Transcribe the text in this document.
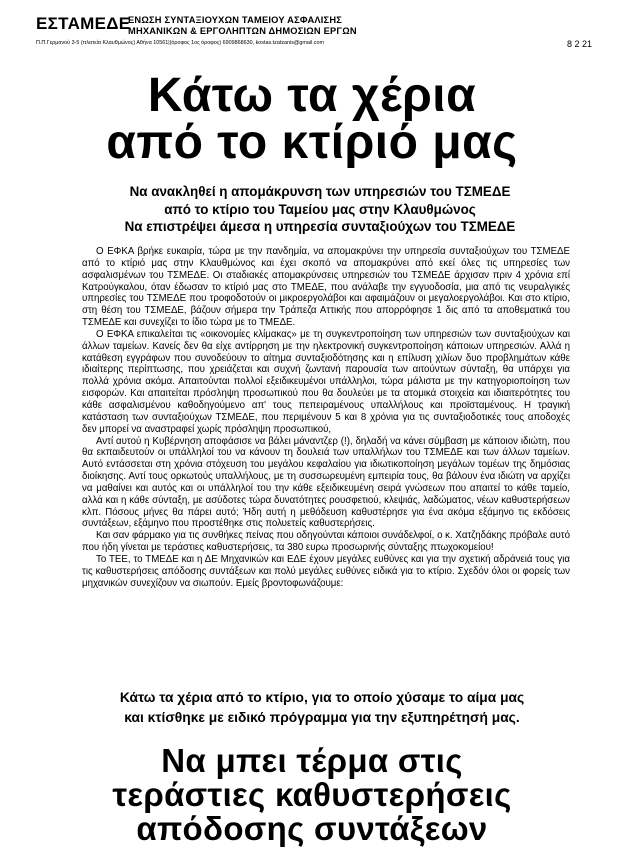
ΕΣΤΑΜΕΔΕ
ΕΝΩΣΗ ΣΥΝΤΑΞΙΟΥΧΩΝ ΤΑΜΕΙΟΥ ΑΣΦΑΛΙΣΗΣ
ΜΗΧΑΝΙΚΩΝ & ΕΡΓΟΛΗΠΤΩΝ ΔΗΜΟΣΙΩΝ ΕΡΓΩΝ
Π.Π.Γερμανού 3-5 (πλατεία Κλαυθμώνος) Αθήνα 10561|(όροφος 1ος όροφος) 6909868630, kostas.tzatzanis@gmail.com	8 2 21
Κάτω τα χέρια
από το κτίριό μας
Να ανακληθεί η απομάκρυνση των υπηρεσιών του ΤΣΜΕΔΕ
από το κτίριο του Ταμείου μας στην Κλαυθμώνος
Να επιστρέψει άμεσα η υπηρεσία συνταξιούχων του ΤΣΜΕΔΕ

Ο ΕΦΚΑ βρήκε ευκαιρία, τώρα με την πανδημία, να απομακρύνει την υπηρεσία συνταξιούχων του ΤΣΜΕΔΕ από το κτίριό μας στην Κλαυθμώνος και έχει σκοπό να απομακρύνει από εκεί όλες τις υπηρεσίες των ασφαλισμένων του ΤΣΜΕΔΕ. Οι σταδιακές απομακρύνσεις υπηρεσιών του ΤΣΜΕΔΕ άρχισαν πριν 4 χρόνια επί Κατρούγκαλου, όταν έδωσαν το κτίριό μας στο ΤΜΕΔΕ, που ανάλαβε την εγγυοδοσία, μια από τις νευραλγικές υπηρεσίες του ΤΣΜΕΔΕ που τροφοδοτούν οι μικροεργολάβοι και αφαιμάζουν οι μεγαλοεργολάβοι. Και στο κτίριο, στη θέση του ΤΣΜΕΔΕ, βάζουν σήμερα την Τράπεζα Αττικής που απορρόφησε 1 δις από τα αποθεματικά του ΤΣΜΕΔΕ και συνεχίζει το ίδιο τώρα με το ΤΜΕΔΕ.

Ο ΕΦΚΑ επικαλείται τις «οικονομίες κλίμακας» με τη συγκεντροποίηση των υπηρεσιών των συνταξιούχων και άλλων ταμείων. Κανείς δεν θα είχε αντίρρηση με την ηλεκτρονική συγκεντροποίηση κάποιων υπηρεσιών. Αλλά η κατάθεση εγγράφων που συνοδεύουν το αίτημα συνταξιοδότησης και η επίλυση χιλίων δυο προβλημάτων κάθε ιδιαίτερης περίπτωσης, που χρειάζεται και συχνή ζωντανή παρουσία των αιτούντων σύνταξη, θα υπάρχει για πολλά χρόνια ακόμα. Απαιτούνται πολλοί εξειδικευμένοι υπάλληλοι, τώρα μάλιστα με την κατηγοριοποίηση των εισφορών. Και απαιτείται πρόσληψη προσωπικού που θα δουλεύει με τα ατομικά στοιχεία και ιδιαιτερότητες του κάθε ασφαλισμένου καθοδηγούμενο απ' τους πεπειραμένους υπαλλήλους και προϊσταμένους. Η τραγική κατάσταση των συνταξιούχων ΤΣΜΕΔΕ, που περιμένουν 5 και 8 χρόνια για τις συνταξιοδοτικές τους αποδοχές δεν μπορεί να αναστραφεί χωρίς πρόσληψη προσωπικού,

Αντί αυτού η Κυβέρνηση αποφάσισε να βάλει μάναντζερ (!), δηλαδή να κάνει σύμβαση με κάποιον ιδιώτη, που θα εκπαιδευτούν οι υπάλληλοί του να κάνουν τη δουλειά των υπαλλήλων του ΤΣΜΕΔΕ και των άλλων ταμείων. Αυτό εντάσσεται στη χρόνια στόχευση του μεγάλου κεφαλαίου για ιδιωτικοποίηση μεγάλων τομέων της δημόσιας διοίκησης. Αντί τους ορκωτούς υπαλλήλους, με τη συσσωρευμένη εμπειρία τους, θα βάλουν ένα ιδιώτη να αρχίζει να μαθαίνει και αυτός και οι υπάλληλοί του την κάθε εξειδικευμένη σειρά γνώσεων που απαιτεί το κάθε ταμείο, αλλά και η κάθε σύνταξη, με ασύδοτες τώρα δυνατότητες ρουσφετιού, κλεψιάς, λαδώματος, νέων καθυστερήσεων κλπ. Πόσους μήνες θα πάρει αυτό; Ήδη αυτή η μεθόδευση καθυστέρησε για ένα ακόμα εξάμηνο τις εκδόσεις συντάξεων, εξάμηνο που προστέθηκε στις πολυετείς καθυστερήσεις.

Και σαν φάρμακο για τις συνθήκες πείνας που οδηγούνται κάποιοι συνάδελφοί, ο κ. Χατζηδάκης πρόβαλε αυτό που ήδη γίνεται με τεράστιες καθυστερήσεις, τα 380 ευρω προσωρινής σύνταξης πτωχοκομείου!

Το ΤΕΕ, το ΤΜΕΔΕ και η ΔΕ Μηχανικών και ΕΔΕ έχουν μεγάλες ευθύνες και για την σχετική αδράνειά τους για τις καθυστερήσεις απόδοσης συντάξεων και πολύ μεγάλες ευθύνες ειδικά για το κτίριο. Σχεδόν όλοι οι φορείς των μηχανικών συνεχίζουν να σιωπούν. Εμείς βροντοφωνάζουμε:

Κάτω τα χέρια από το κτίριο, για το οποίο χύσαμε το αίμα μας
και κτίσθηκε με ειδικό πρόγραμμα για την εξυπηρέτησή μας.
Να μπει τέρμα στις
τεράστιες καθυστερήσεις
απόδοσης συντάξεων
